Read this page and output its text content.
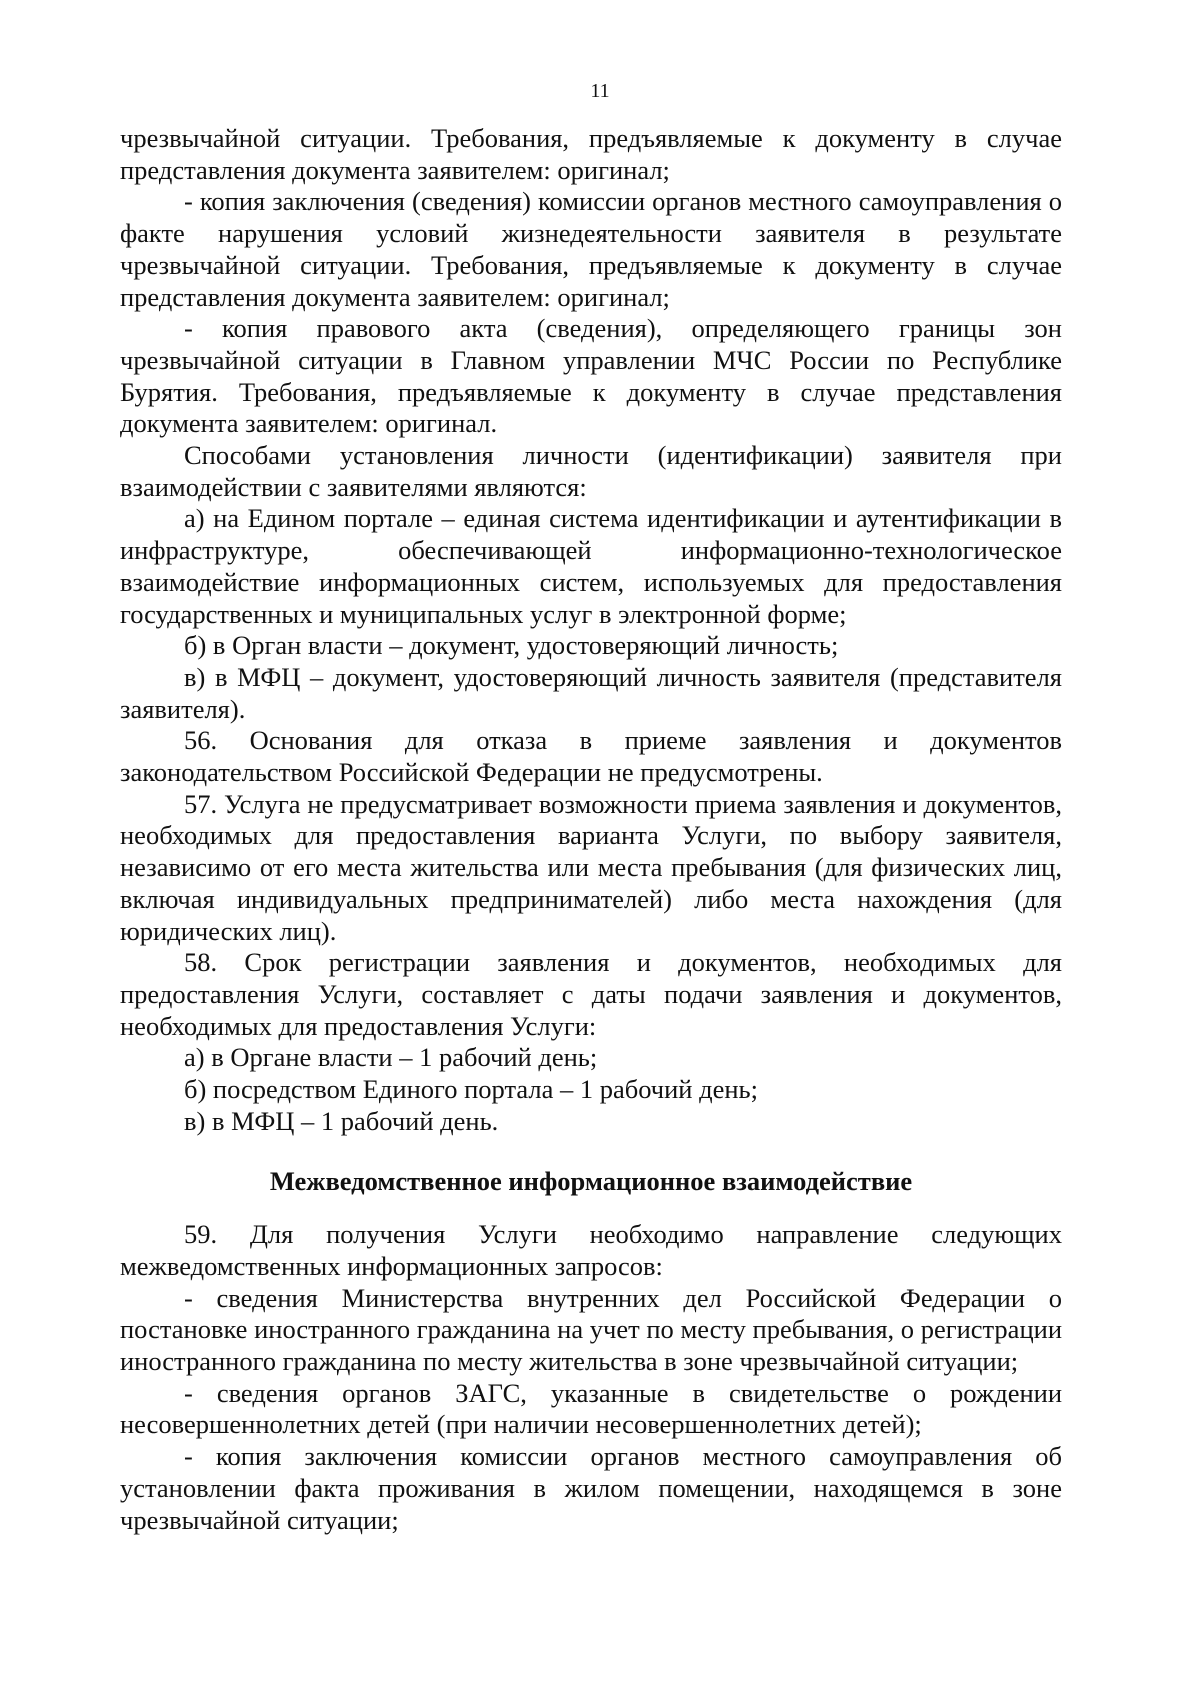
11

чрезвычайной ситуации. Требования, предъявляемые к документу в случае представления документа заявителем: оригинал;

- копия заключения (сведения) комиссии органов местного самоуправления о факте нарушения условий жизнедеятельности заявителя в результате чрезвычайной ситуации. Требования, предъявляемые к документу в случае представления документа заявителем: оригинал;

- копия правового акта (сведения), определяющего границы зон чрезвычайной ситуации в Главном управлении МЧС России по Республике Бурятия. Требования, предъявляемые к документу в случае представления документа заявителем: оригинал.

Способами установления личности (идентификации) заявителя при взаимодействии с заявителями являются:

а) на Едином портале – единая система идентификации и аутентификации в инфраструктуре, обеспечивающей информационно-технологическое взаимодействие информационных систем, используемых для предоставления государственных и муниципальных услуг в электронной форме;

б) в Орган власти – документ, удостоверяющий личность;

в) в МФЦ – документ, удостоверяющий личность заявителя (представителя заявителя).

56. Основания для отказа в приеме заявления и документов законодательством Российской Федерации не предусмотрены.

57. Услуга не предусматривает возможности приема заявления и документов, необходимых для предоставления варианта Услуги, по выбору заявителя, независимо от его места жительства или места пребывания (для физических лиц, включая индивидуальных предпринимателей) либо места нахождения (для юридических лиц).

58. Срок регистрации заявления и документов, необходимых для предоставления Услуги, составляет с даты подачи заявления и документов, необходимых для предоставления Услуги:

а) в Органе власти – 1 рабочий день;

б) посредством Единого портала – 1 рабочий день;

в) в МФЦ – 1 рабочий день.

Межведомственное информационное взаимодействие

59. Для получения Услуги необходимо направление следующих межведомственных информационных запросов:

- сведения Министерства внутренних дел Российской Федерации о постановке иностранного гражданина на учет по месту пребывания, о регистрации иностранного гражданина по месту жительства в зоне чрезвычайной ситуации;

- сведения органов ЗАГС, указанные в свидетельстве о рождении несовершеннолетних детей (при наличии несовершеннолетних детей);

- копия заключения комиссии органов местного самоуправления об установлении факта проживания в жилом помещении, находящемся в зоне чрезвычайной ситуации;
